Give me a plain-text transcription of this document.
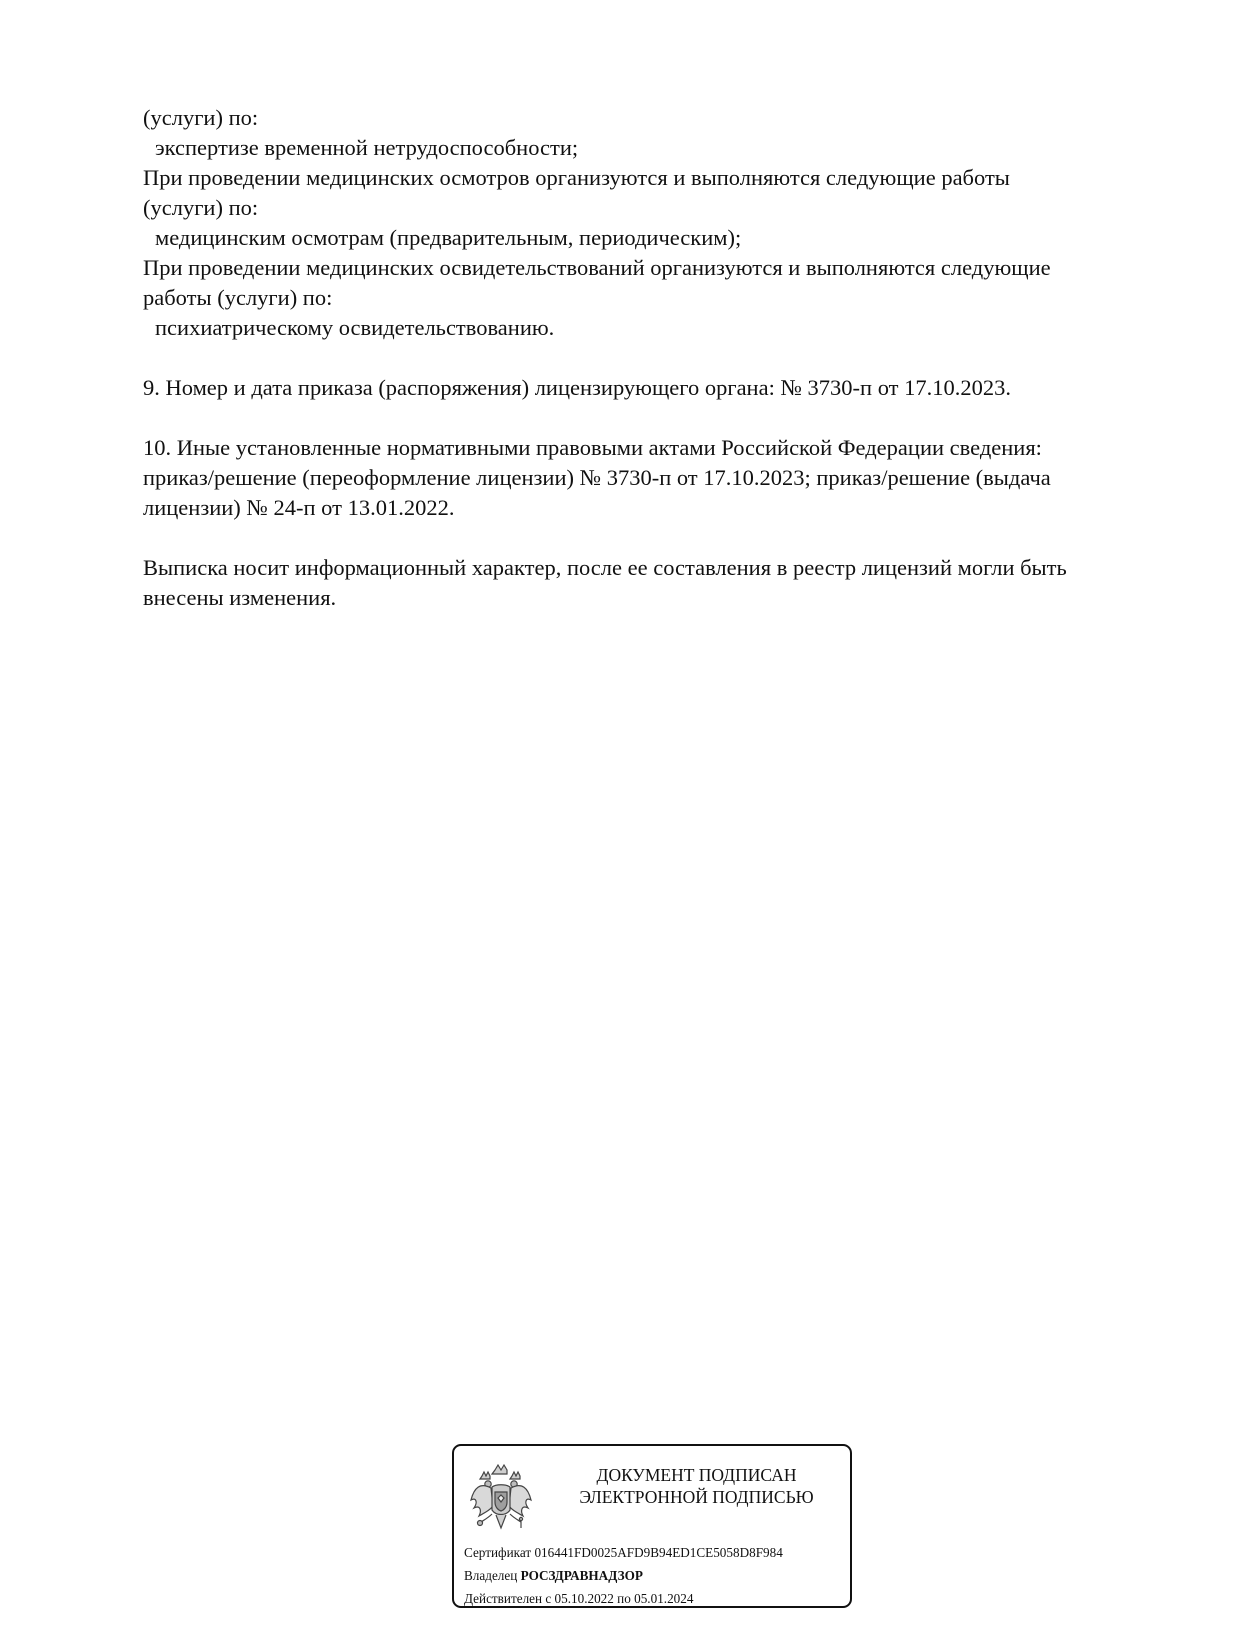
(услуги) по:
экспертизе временной нетрудоспособности;
При проведении медицинских осмотров организуются и выполняются следующие работы
(услуги) по:
медицинским осмотрам (предварительным, периодическим);
При проведении медицинских освидетельствований организуются и выполняются следующие
работы (услуги) по:
психиатрическому освидетельствованию.
9. Номер и дата приказа (распоряжения) лицензирующего органа: № 3730-п от 17.10.2023.
10. Иные установленные нормативными правовыми актами Российской Федерации сведения:
приказ/решение (переоформление лицензии) № 3730-п от 17.10.2023; приказ/решение (выдача
лицензии) № 24-п от 13.01.2022.
Выписка носит информационный характер, после ее составления в реестр лицензий могли быть
внесены изменения.
ДОКУМЕНТ ПОДПИСАН
ЭЛЕКТРОННОЙ ПОДПИСЬЮ
Сертификат 016441FD0025AFD9B94ED1CE5058D8F984
Владелец РОСЗДРАВНАДЗОР
Действителен с 05.10.2022 по 05.01.2024
